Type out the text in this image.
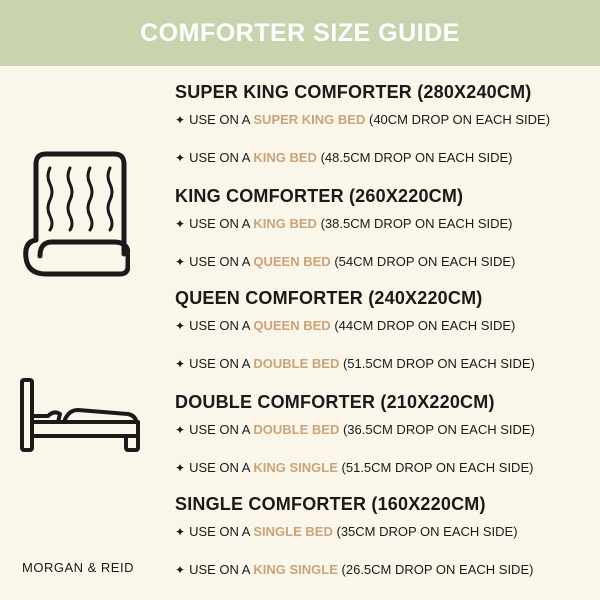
COMFORTER SIZE GUIDE
SUPER KING COMFORTER (280X240CM)
✦ USE ON A SUPER KING BED (40CM DROP ON EACH SIDE)
✦ USE ON A KING BED (48.5CM DROP ON EACH SIDE)
KING COMFORTER (260X220CM)
✦ USE ON A KING BED (38.5CM DROP ON EACH SIDE)
✦ USE ON A QUEEN BED (54CM DROP ON EACH SIDE)
QUEEN COMFORTER (240X220CM)
✦ USE ON A QUEEN BED (44CM DROP ON EACH SIDE)
✦ USE ON A DOUBLE BED (51.5CM DROP ON EACH SIDE)
DOUBLE COMFORTER (210X220CM)
✦ USE ON A DOUBLE BED (36.5CM DROP ON EACH SIDE)
✦ USE ON A KING SINGLE (51.5CM DROP ON EACH SIDE)
SINGLE COMFORTER (160X220CM)
✦ USE ON A SINGLE BED (35CM DROP ON EACH SIDE)
✦ USE ON A KING SINGLE (26.5CM DROP ON EACH SIDE)
MORGAN & REID
